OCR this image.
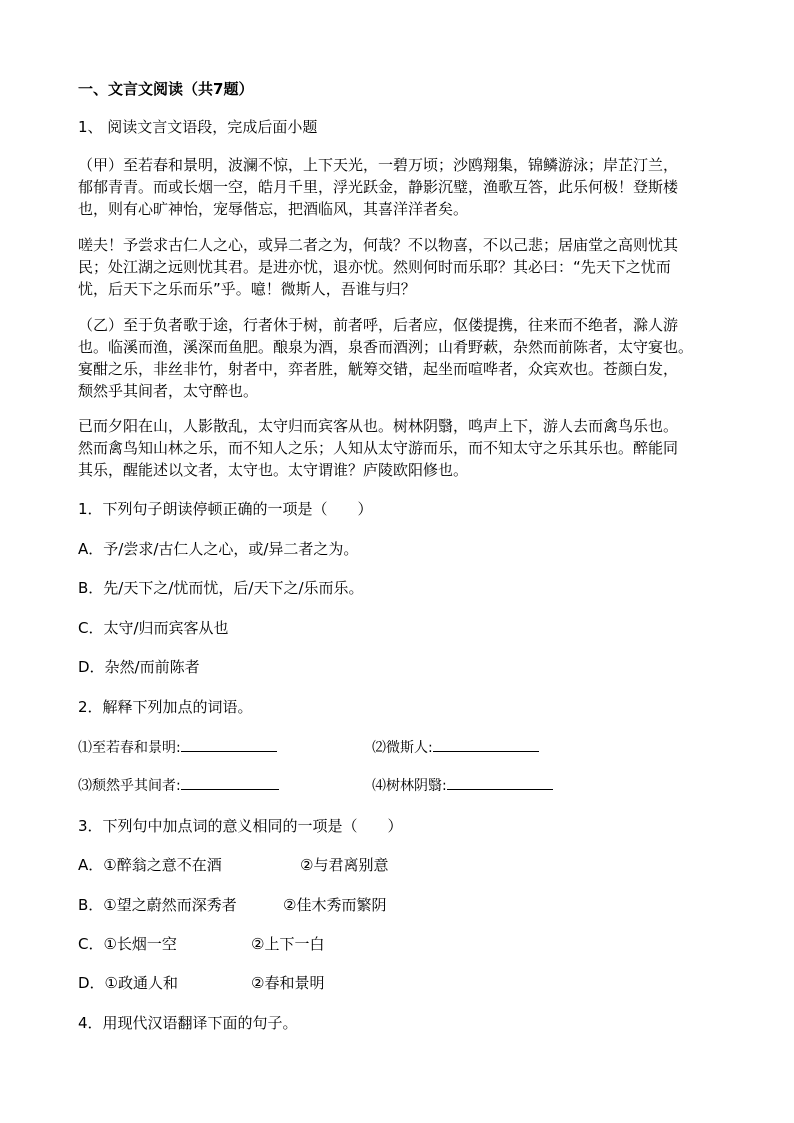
一、文言文阅读（共7题）
1、 阅读文言文语段，完成后面小题
（甲）至若春和景明，波澜不惊，上下天光，一碧万顷；沙鸥翔集，锦鳞游泳；岸芷汀兰，
郁郁青青。而或长烟一空，皓月千里，浮光跃金，静影沉璧，渔歌互答，此乐何极！登斯楼
也，则有心旷神怡，宠辱偕忘，把酒临风，其喜洋洋者矣。
嗟夫！予尝求古仁人之心，或异二者之为，何哉？不以物喜，不以己悲；居庙堂之高则忧其
民；处江湖之远则忧其君。是进亦忧，退亦忧。然则何时而乐耶？其必曰：“先天下之忧而
忧，后天下之乐而乐”乎。噫！微斯人，吾谁与归？
（乙）至于负者歌于途，行者休于树，前者呼，后者应，伛偻提携，往来而不绝者，滁人游
也。临溪而渔，溪深而鱼肥。酿泉为酒，泉香而酒洌；山肴野蔌，杂然而前陈者，太守宴也。
宴酣之乐，非丝非竹，射者中，弈者胜，觥筹交错，起坐而喧哗者，众宾欢也。苍颜白发，
颓然乎其间者，太守醉也。
已而夕阳在山，人影散乱，太守归而宾客从也。树林阴翳，鸣声上下，游人去而禽鸟乐也。
然而禽鸟知山林之乐，而不知人之乐；人知从太守游而乐，而不知太守之乐其乐也。醉能同
其乐，醒能述以文者，太守也。太守谓谁？庐陵欧阳修也。
1．下列句子朗读停顿正确的一项是（　　）
A．予/尝求/古仁人之心，或/异二者之为。
B．先/天下之/忧而忧，后/天下之/乐而乐。
C．太守/归而宾客从也
D．杂然/而前陈者
2．解释下列加点的词语。
⑴至若春和景明:	⑵微斯人:
⑶颓然乎其间者:	⑷树林阴翳:
3．下列句中加点词的意义相同的一项是（　　）
A．①醉翁之意不在酒	②与君离别意
B．①望之蔚然而深秀者	②佳木秀而繁阴
C．①长烟一空	②上下一白
D．①政通人和	②春和景明
4．用现代汉语翻译下面的句子。
